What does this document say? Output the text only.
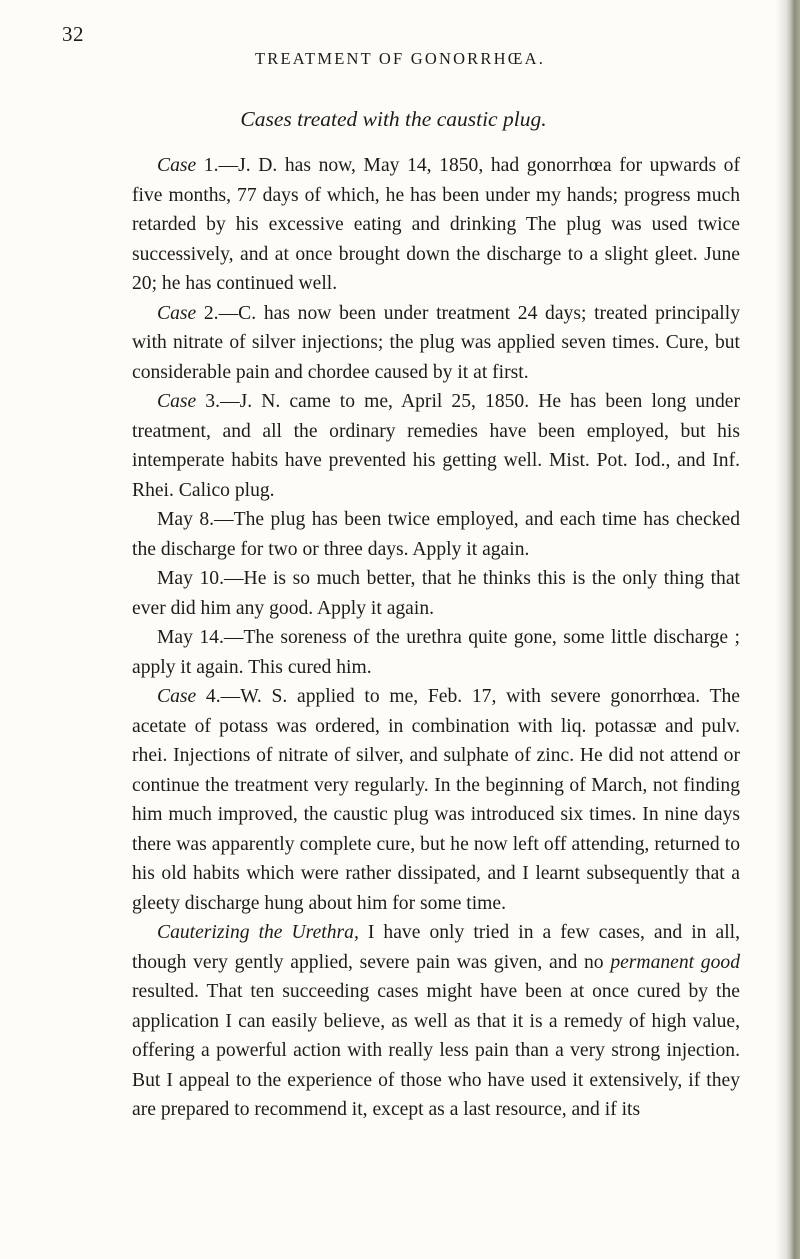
32
TREATMENT OF GONORRHŒA.
Cases treated with the caustic plug.

Case 1.—J. D. has now, May 14, 1850, had gonorrhœa for upwards of five months, 77 days of which, he has been under my hands; progress much retarded by his excessive eating and drinking The plug was used twice successively, and at once brought down the discharge to a slight gleet. June 20; he has continued well.

Case 2.—C. has now been under treatment 24 days; treated principally with nitrate of silver injections; the plug was applied seven times. Cure, but considerable pain and chordee caused by it at first.

Case 3.—J. N. came to me, April 25, 1850. He has been long under treatment, and all the ordinary remedies have been employed, but his intemperate habits have prevented his getting well. Mist. Pot. Iod., and Inf. Rhei. Calico plug.

May 8.—The plug has been twice employed, and each time has checked the discharge for two or three days. Apply it again.

May 10.—He is so much better, that he thinks this is the only thing that ever did him any good. Apply it again.

May 14.—The soreness of the urethra quite gone, some little discharge ; apply it again. This cured him.

Case 4.—W. S. applied to me, Feb. 17, with severe gonorrhœa. The acetate of potass was ordered, in combination with liq. potassæ and pulv. rhei. Injections of nitrate of silver, and sulphate of zinc. He did not attend or continue the treatment very regularly. In the beginning of March, not finding him much improved, the caustic plug was introduced six times. In nine days there was apparently complete cure, but he now left off attending, returned to his old habits which were rather dissipated, and I learnt subsequently that a gleety discharge hung about him for some time.

Cauterizing the Urethra, I have only tried in a few cases, and in all, though very gently applied, severe pain was given, and no permanent good resulted. That ten succeeding cases might have been at once cured by the application I can easily believe, as well as that it is a remedy of high value, offering a powerful action with really less pain than a very strong injection. But I appeal to the experience of those who have used it extensively, if they are prepared to recommend it, except as a last resource, and if its
